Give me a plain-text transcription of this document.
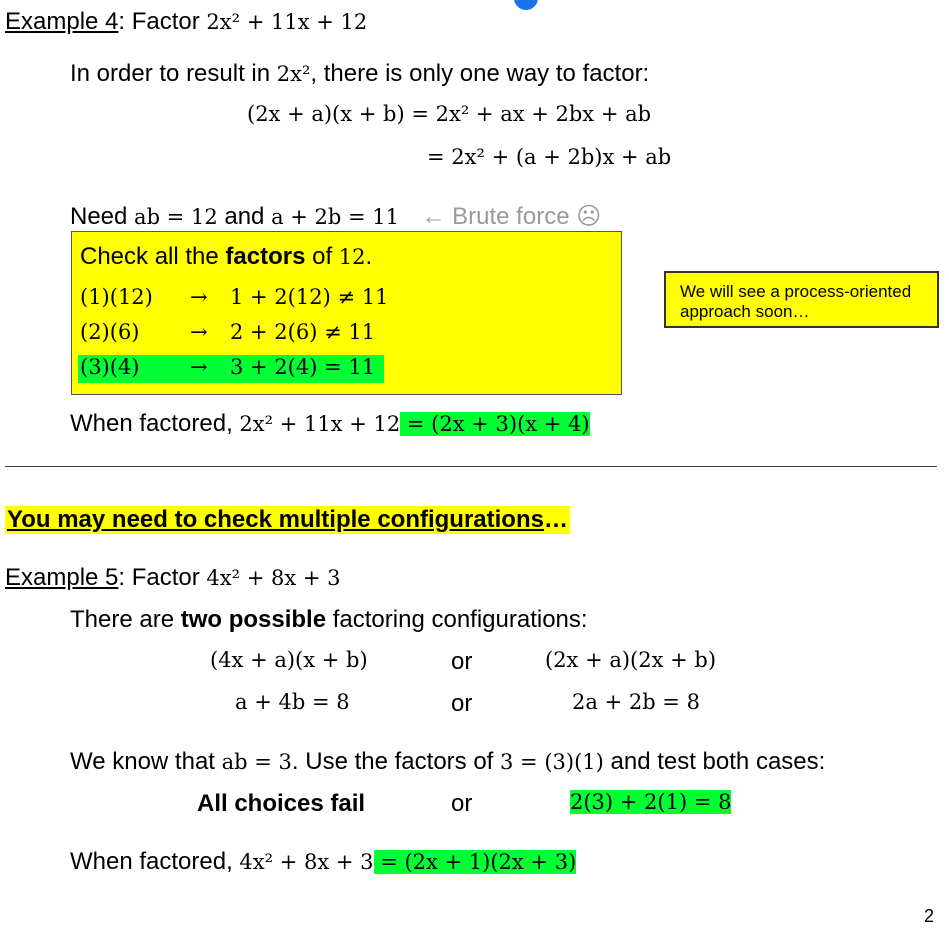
Example 4: Factor 2x² + 11x + 12
In order to result in 2x², there is only one way to factor:
(2x + a)(x + b) = 2x² + ax + 2bx + ab
= 2x² + (a + 2b)x + ab
Need ab = 12 and a + 2b = 11 ← Brute force ☹
Check all the factors of 12.
(1)(12) → 1 + 2(12) ≠ 11
(2)(6) → 2 + 2(6) ≠ 11
(3)(4) → 3 + 2(4) = 11
We will see a process-oriented approach soon…
When factored, 2x² + 11x + 12 = (2x + 3)(x + 4)
You may need to check multiple configurations…
Example 5: Factor 4x² + 8x + 3
There are two possible factoring configurations:
(4x + a)(x + b)	or	(2x + a)(2x + b)
a + 4b = 8	or	2a + 2b = 8
We know that ab = 3. Use the factors of 3 = (3)(1) and test both cases:
All choices fail	or	2(3) + 2(1) = 8
When factored, 4x² + 8x + 3 = (2x + 1)(2x + 3)
2
